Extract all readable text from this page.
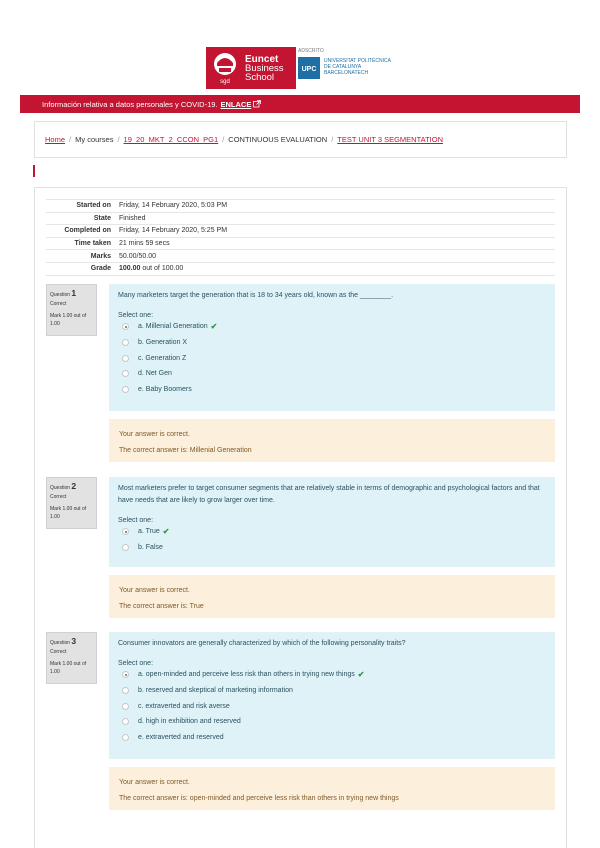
sgd
Euncet
Business
School
ADSCRITO
UPC
UNIVERSITAT POLITÈCNICA
DE CATALUNYA
BARCELONATECH
Información relativa a datos personales y COVID-19. ENLACE
Home / My courses / 19_20_MKT_2_CCON_PG1 / CONTINUOUS EVALUATION / TEST UNIT 3 SEGMENTATION
Started on	Friday, 14 February 2020, 5:03 PM
State	Finished
Completed on	Friday, 14 February 2020, 5:25 PM
Time taken	21 mins 59 secs
Marks	50.00/50.00
Grade	100.00 out of 100.00
Question 1
Correct
Mark 1.00 out of 1.00
Many marketers target the generation that is 18 to 34 years old, known as the ________.
Select one:
a. Millenial Generation ✔
b. Generation X
c. Generation Z
d. Net Gen
e. Baby Boomers
Your answer is correct.
The correct answer is: Millenial Generation
Question 2
Correct
Mark 1.00 out of 1.00
Most marketers prefer to target consumer segments that are relatively stable in terms of demographic and psychological factors and that have needs that are likely to grow larger over time.
Select one:
a. True ✔
b. False
Your answer is correct.
The correct answer is: True
Question 3
Correct
Mark 1.00 out of 1.00
Consumer innovators are generally characterized by which of the following personality traits?
Select one:
a. open-minded and perceive less risk than others in trying new things ✔
b. reserved and skeptical of marketing information
c. extraverted and risk averse
d. high in exhibition and reserved
e. extraverted and reserved
Your answer is correct.
The correct answer is: open-minded and perceive less risk than others in trying new things
